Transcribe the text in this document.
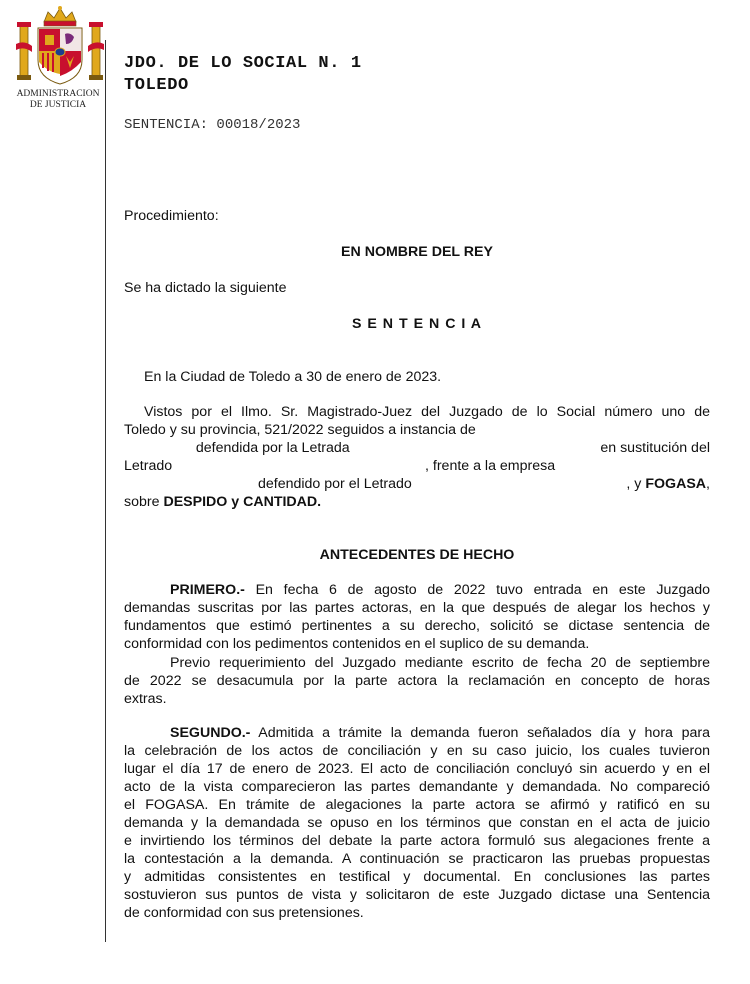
ADMINISTRACION
DE JUSTICIA
JDO. DE LO SOCIAL N. 1
TOLEDO
SENTENCIA: 00018/2023
Procedimiento:
EN NOMBRE DEL REY
Se ha dictado la siguiente
S E N T E N C I A
En la Ciudad de Toledo a 30 de enero de 2023.
Vistos por el Ilmo. Sr. Magistrado-Juez del Juzgado de lo Social número uno de
Toledo y su provincia, 521/2022 seguidos a instancia de
defendida por la Letrada	en sustitución del
Letrado	, frente a la empresa
defendido por el Letrado	, y FOGASA,
sobre DESPIDO y CANTIDAD.
ANTECEDENTES DE HECHO
PRIMERO.- En fecha 6 de agosto de 2022 tuvo entrada en este Juzgado
demandas suscritas por las partes actoras, en la que después de alegar los hechos y
fundamentos que estimó pertinentes a su derecho, solicitó se dictase sentencia de
conformidad con los pedimentos contenidos en el suplico de su demanda.
Previo requerimiento del Juzgado mediante escrito de fecha 20 de septiembre
de 2022 se desacumula por la parte actora la reclamación en concepto de horas
extras.
SEGUNDO.- Admitida a trámite la demanda fueron señalados día y hora para
la celebración de los actos de conciliación y en su caso juicio, los cuales tuvieron
lugar el día 17 de enero de 2023. El acto de conciliación concluyó sin acuerdo y en el
acto de la vista comparecieron las partes demandante y demandada. No compareció
el FOGASA. En trámite de alegaciones la parte actora se afirmó y ratificó en su
demanda y la demandada se opuso en los términos que constan en el acta de juicio
e invirtiendo los términos del debate la parte actora formuló sus alegaciones frente a
la contestación a la demanda. A continuación se practicaron las pruebas propuestas
y admitidas consistentes en testifical y documental. En conclusiones las partes
sostuvieron sus puntos de vista y solicitaron de este Juzgado dictase una Sentencia
de conformidad con sus pretensiones.
